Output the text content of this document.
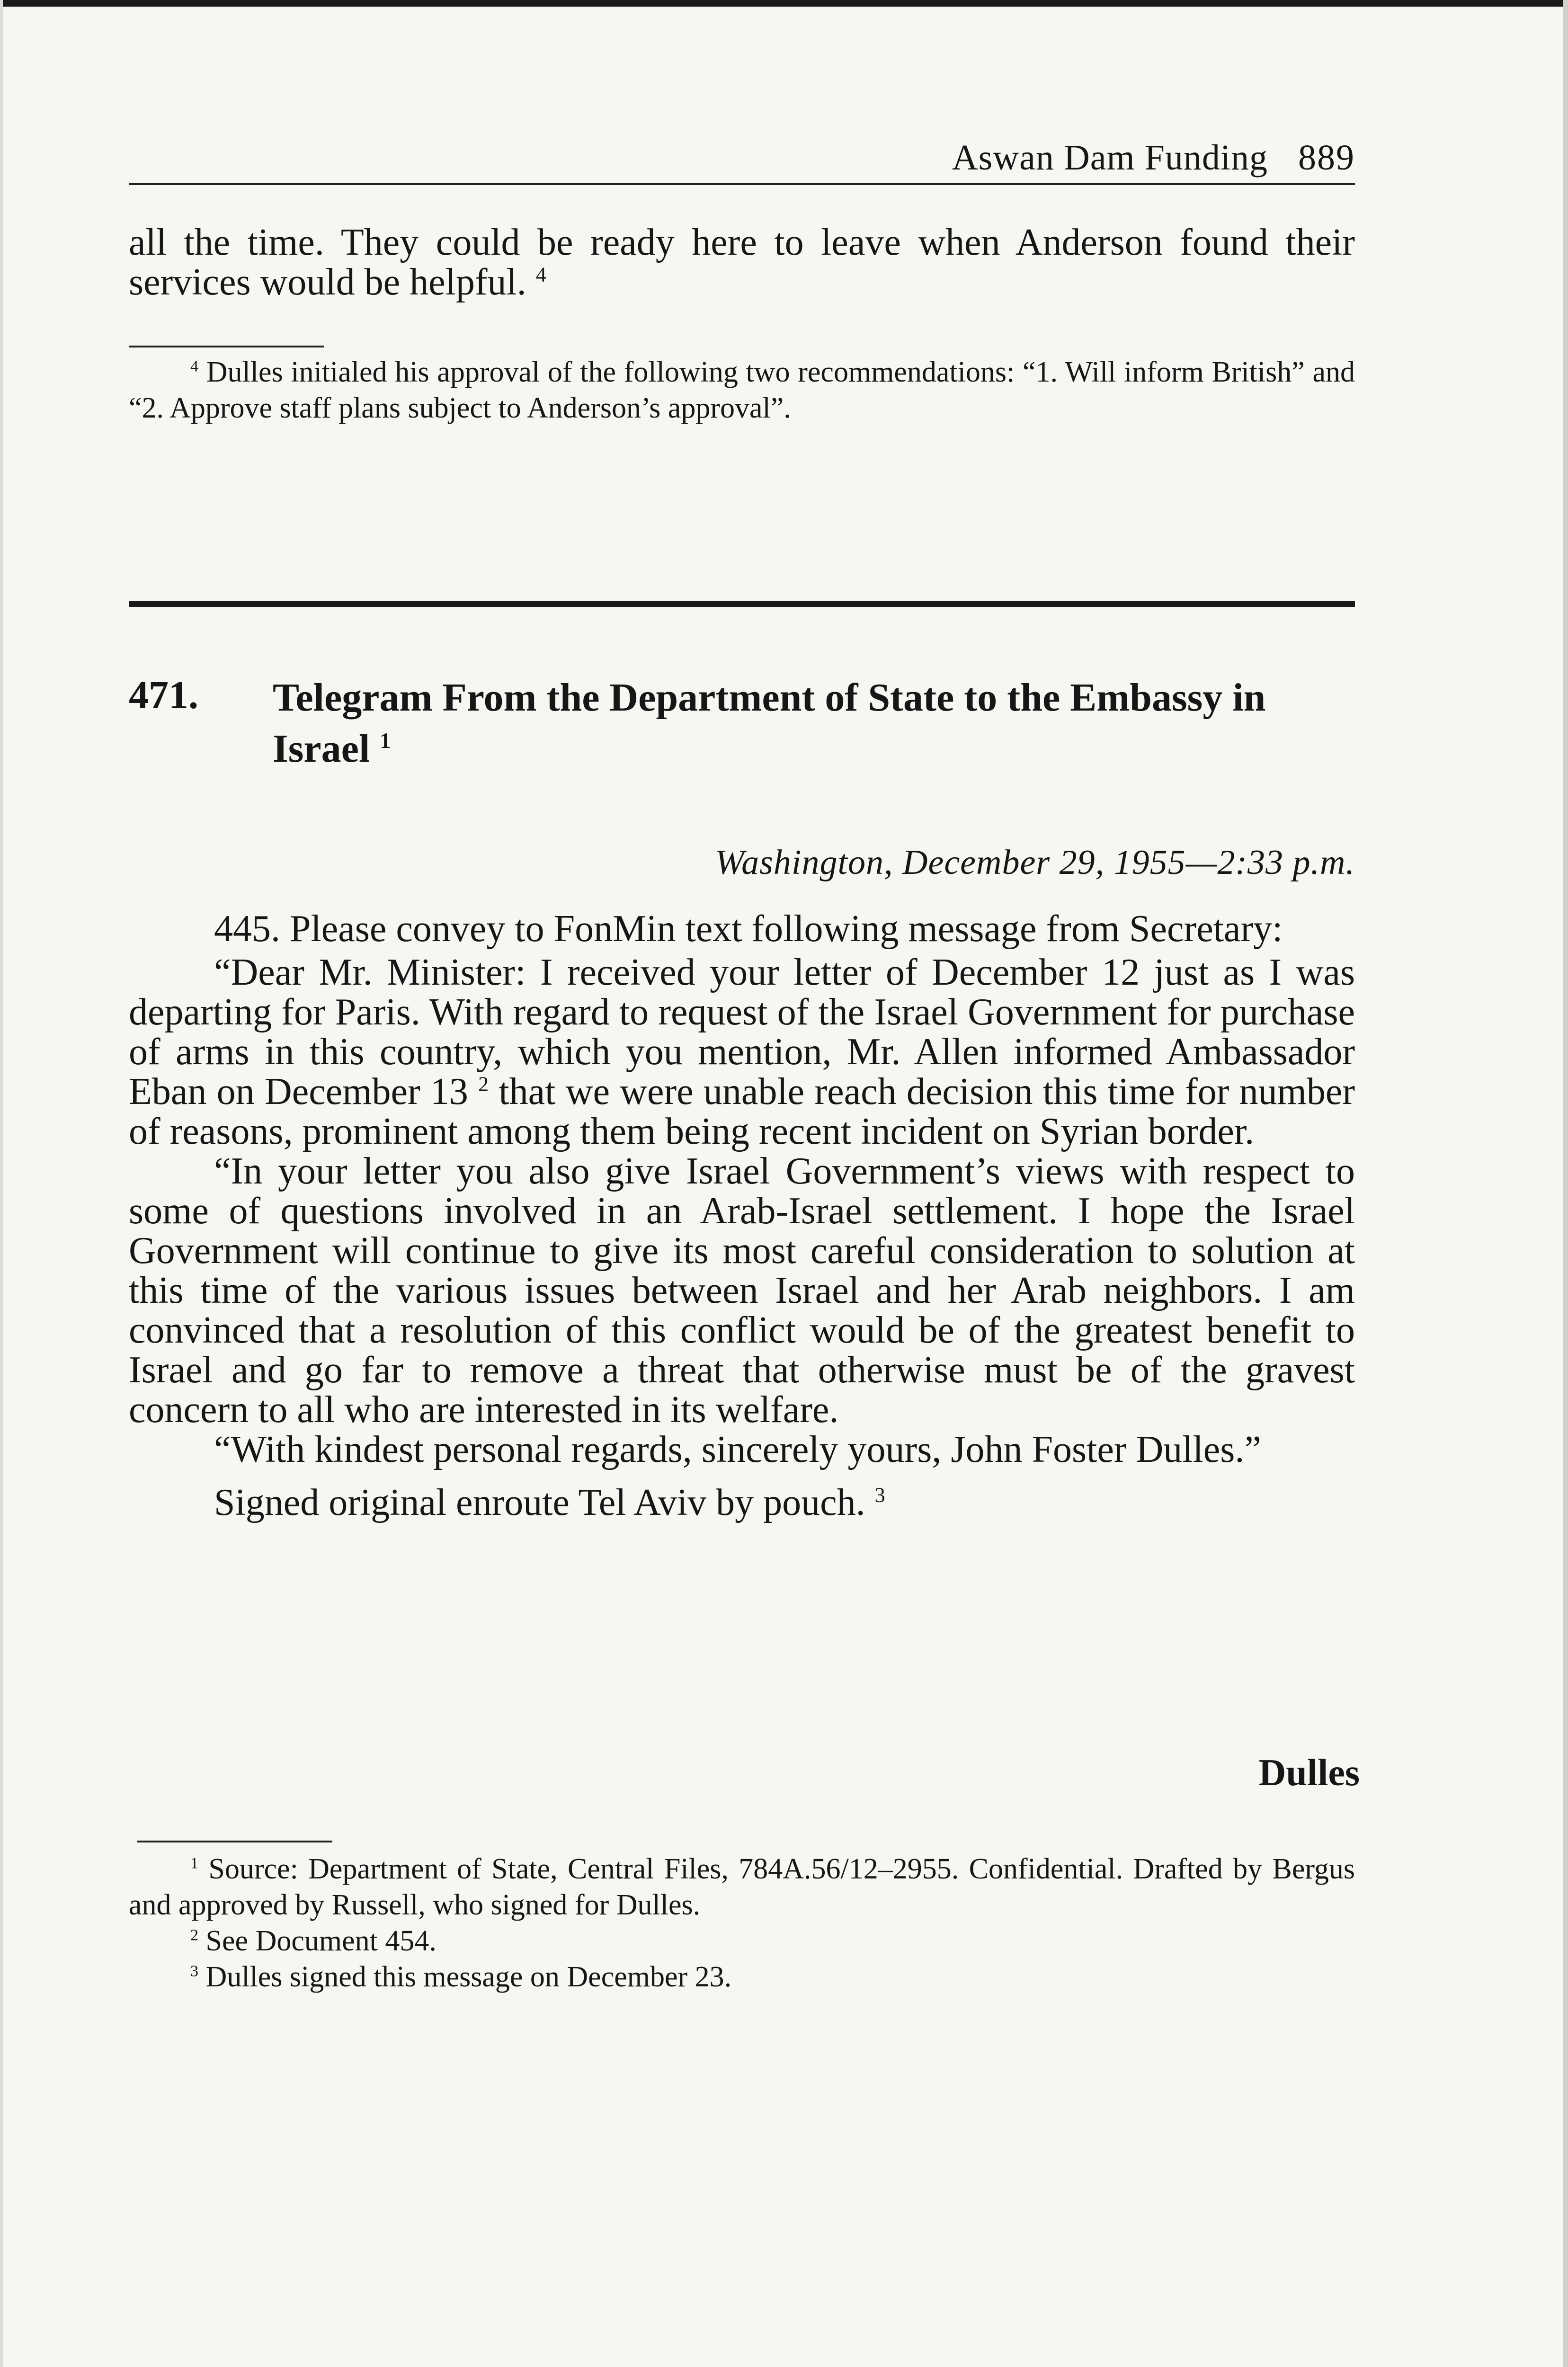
Aswan Dam Funding 889
all the time. They could be ready here to leave when Anderson found their services would be helpful. $^4$
$^4$ Dulles initialed his approval of the following two recommendations: “1. Will inform British” and “2. Approve staff plans subject to Anderson’s approval”.
471. Telegram From the Department of State to the Embassy in Israel $^1$
Washington, December 29, 1955—2:33 p.m.

445. Please convey to FonMin text following message from Secretary:

“Dear Mr. Minister: I received your letter of December 12 just as I was departing for Paris. With regard to request of the Israel Government for purchase of arms in this country, which you mention, Mr. Allen informed Ambassador Eban on December 13 $^2$ that we were unable reach decision this time for number of reasons, prominent among them being recent incident on Syrian border.

“In your letter you also give Israel Government’s views with respect to some of questions involved in an Arab-Israel settlement. I hope the Israel Government will continue to give its most careful consideration to solution at this time of the various issues between Israel and her Arab neighbors. I am convinced that a resolution of this conflict would be of the greatest benefit to Israel and go far to remove a threat that otherwise must be of the gravest concern to all who are interested in its welfare.

“With kindest personal regards, sincerely yours, John Foster Dulles.”

Signed original enroute Tel Aviv by pouch. $^3$

Dulles
$^1$ Source: Department of State, Central Files, 784A.56/12–2955. Confidential. Drafted by Bergus and approved by Russell, who signed for Dulles.
$^2$ See Document 454.
$^3$ Dulles signed this message on December 23.
